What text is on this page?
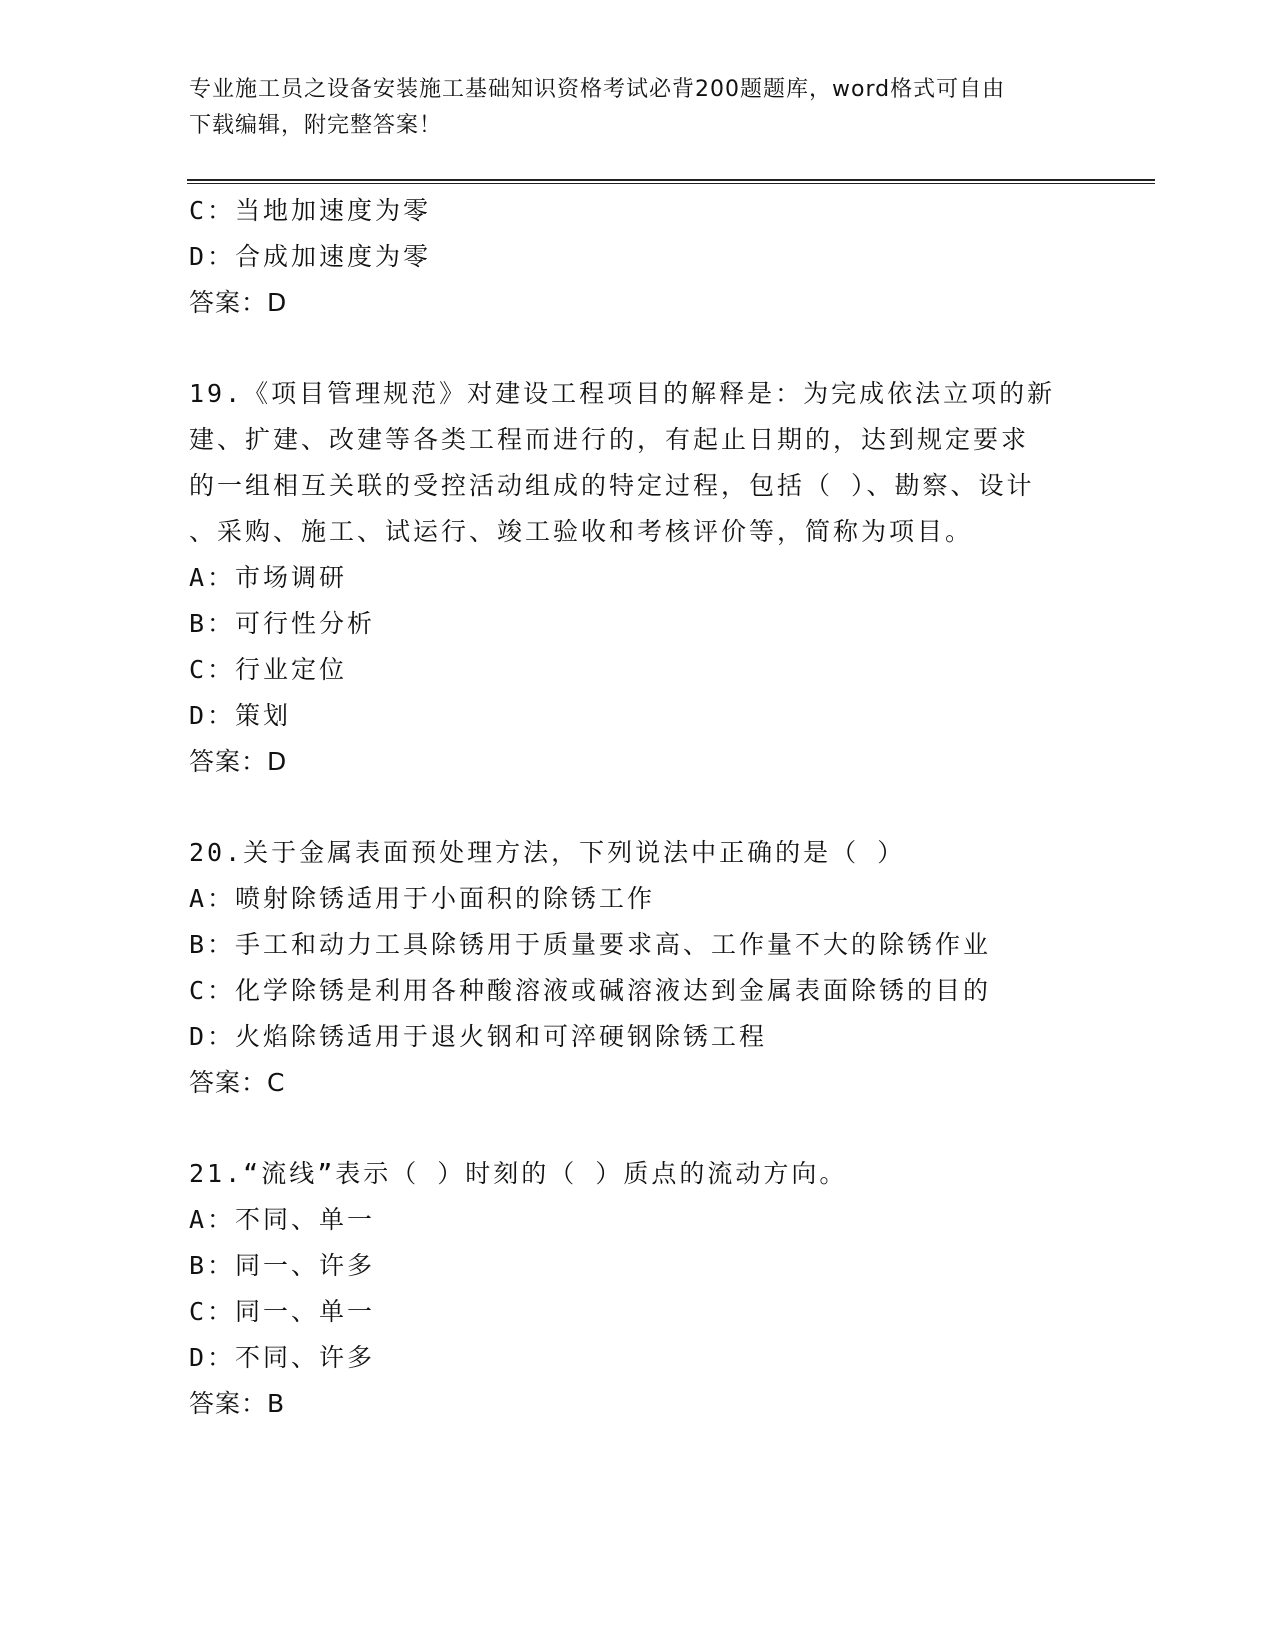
专业施工员之设备安装施工基础知识资格考试必背200题题库，word格式可自由
下载编辑，附完整答案！
C：当地加速度为零
D：合成加速度为零
答案：D
19.《项目管理规范》对建设工程项目的解释是：为完成依法立项的新
建、扩建、改建等各类工程而进行的，有起止日期的，达到规定要求
的一组相互关联的受控活动组成的特定过程，包括（ ）、勘察、设计
、采购、施工、试运行、竣工验收和考核评价等，简称为项目。
A：市场调研
B：可行性分析
C：行业定位
D：策划
答案：D
20.关于金属表面预处理方法，下列说法中正确的是（ ）
A：喷射除锈适用于小面积的除锈工作
B：手工和动力工具除锈用于质量要求高、工作量不大的除锈作业
C：化学除锈是利用各种酸溶液或碱溶液达到金属表面除锈的目的
D：火焰除锈适用于退火钢和可淬硬钢除锈工程
答案：C
21.“流线”表示（ ）时刻的（ ）质点的流动方向。
A：不同、单一
B：同一、许多
C：同一、单一
D：不同、许多
答案：B
